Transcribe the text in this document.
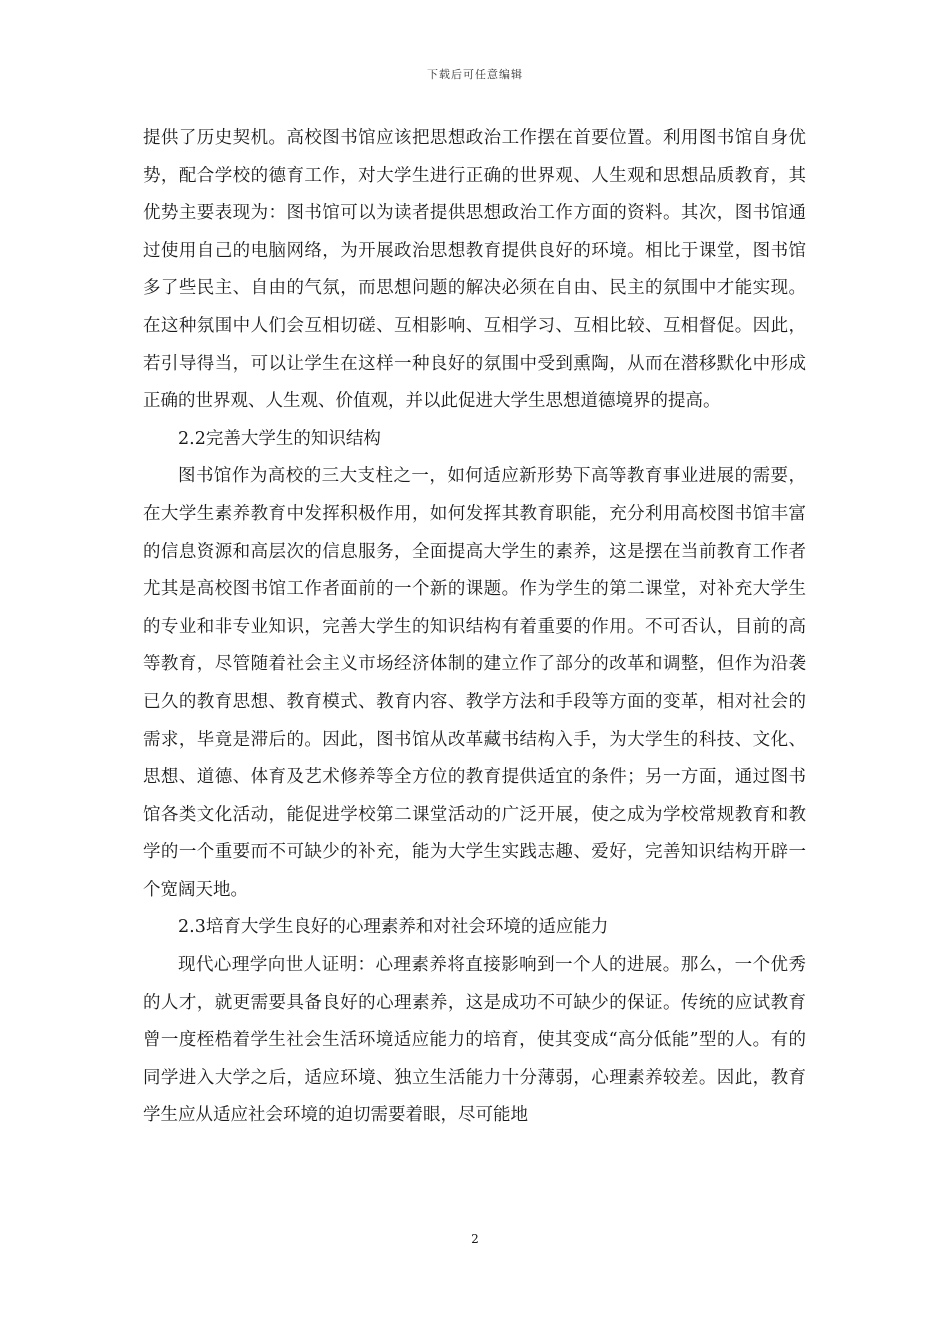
下载后可任意编辑

提供了历史契机。高校图书馆应该把思想政治工作摆在首要位置。利用图书馆自身优势，配合学校的德育工作，对大学生进行正确的世界观、人生观和思想品质教育，其优势主要表现为：图书馆可以为读者提供思想政治工作方面的资料。其次，图书馆通过使用自己的电脑网络，为开展政治思想教育提供良好的环境。相比于课堂，图书馆多了些民主、自由的气氛，而思想问题的解决必须在自由、民主的氛围中才能实现。在这种氛围中人们会互相切磋、互相影响、互相学习、互相比较、互相督促。因此，若引导得当，可以让学生在这样一种良好的氛围中受到熏陶，从而在潜移默化中形成正确的世界观、人生观、价值观，并以此促进大学生思想道德境界的提高。

2.2完善大学生的知识结构

图书馆作为高校的三大支柱之一，如何适应新形势下高等教育事业进展的需要，在大学生素养教育中发挥积极作用，如何发挥其教育职能，充分利用高校图书馆丰富的信息资源和高层次的信息服务，全面提高大学生的素养，这是摆在当前教育工作者尤其是高校图书馆工作者面前的一个新的课题。作为学生的第二课堂，对补充大学生的专业和非专业知识，完善大学生的知识结构有着重要的作用。不可否认，目前的高等教育，尽管随着社会主义市场经济体制的建立作了部分的改革和调整，但作为沿袭已久的教育思想、教育模式、教育内容、教学方法和手段等方面的变革，相对社会的需求，毕竟是滞后的。因此，图书馆从改革藏书结构入手，为大学生的科技、文化、思想、道德、体育及艺术修养等全方位的教育提供适宜的条件；另一方面，通过图书馆各类文化活动，能促进学校第二课堂活动的广泛开展，使之成为学校常规教育和教学的一个重要而不可缺少的补充，能为大学生实践志趣、爱好，完善知识结构开辟一个宽阔天地。

2.3培育大学生良好的心理素养和对社会环境的适应能力

现代心理学向世人证明：心理素养将直接影响到一个人的进展。那么，一个优秀的人才，就更需要具备良好的心理素养，这是成功不可缺少的保证。传统的应试教育曾一度桎梏着学生社会生活环境适应能力的培育，使其变成“高分低能”型的人。有的同学进入大学之后，适应环境、独立生活能力十分薄弱，心理素养较差。因此，教育学生应从适应社会环境的迫切需要着眼，尽可能地

2
